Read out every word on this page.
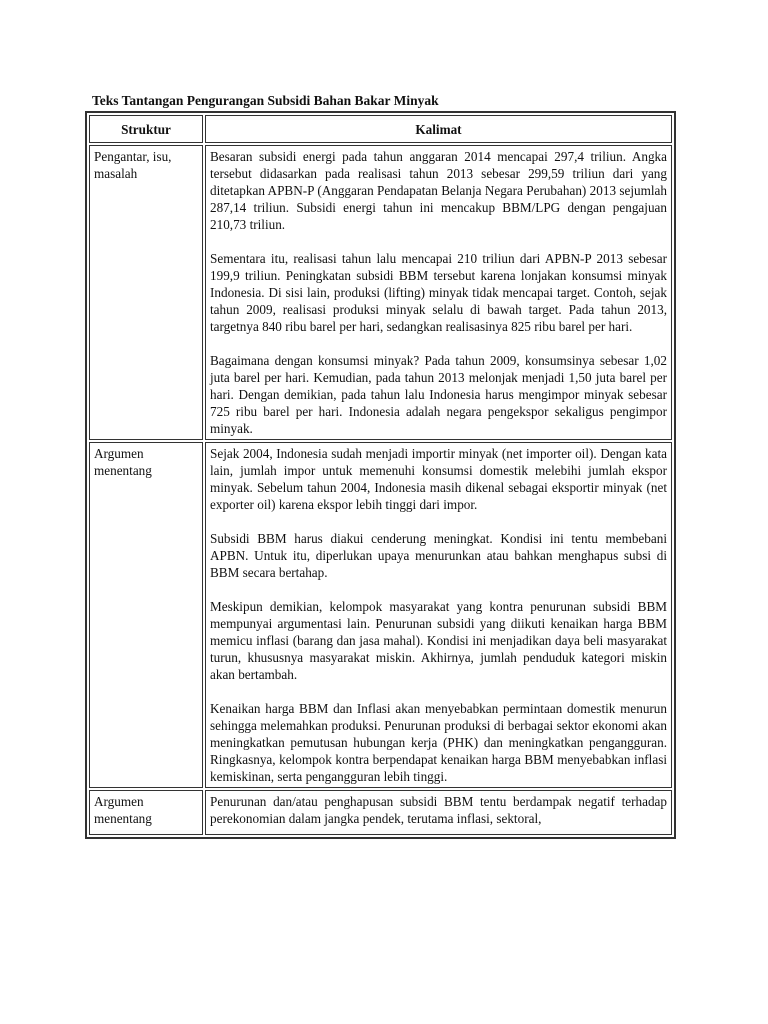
Teks Tantangan Pengurangan Subsidi Bahan Bakar Minyak
Struktur	Kalimat
Pengantar, isu, masalah	Besaran subsidi energi pada tahun anggaran 2014 mencapai 297,4 triliun. Angka tersebut didasarkan pada realisasi tahun 2013 sebesar 299,59 triliun dari yang ditetapkan APBN-P (Anggaran Pendapatan Belanja Negara Perubahan) 2013 sejumlah 287,14 triliun. Subsidi energi tahun ini mencakup BBM/LPG dengan pengajuan 210,73 triliun.

Sementara itu, realisasi tahun lalu mencapai 210 triliun dari APBN-P 2013 sebesar 199,9 triliun. Peningkatan subsidi BBM tersebut karena lonjakan konsumsi minyak Indonesia. Di sisi lain, produksi (lifting) minyak tidak mencapai target. Contoh, sejak tahun 2009, realisasi produksi minyak selalu di bawah target. Pada tahun 2013, targetnya 840 ribu barel per hari, sedangkan realisasinya 825 ribu barel per hari.

Bagaimana dengan konsumsi minyak? Pada tahun 2009, konsumsinya sebesar 1,02 juta barel per hari. Kemudian, pada tahun 2013 melonjak menjadi 1,50 juta barel per hari. Dengan demikian, pada tahun lalu Indonesia harus mengimpor minyak sebesar 725 ribu barel per hari. Indonesia adalah negara pengekspor sekaligus pengimpor minyak.

Argumen menentang	Sejak 2004, Indonesia sudah menjadi importir minyak (net importer oil). Dengan kata lain, jumlah impor untuk memenuhi konsumsi domestik melebihi jumlah ekspor minyak. Sebelum tahun 2004, Indonesia masih dikenal sebagai eksportir minyak (net exporter oil) karena ekspor lebih tinggi dari impor.

Subsidi BBM harus diakui cenderung meningkat. Kondisi ini tentu membebani APBN. Untuk itu, diperlukan upaya menurunkan atau bahkan menghapus subsi di BBM secara bertahap.

Meskipun demikian, kelompok masyarakat yang kontra penurunan subsidi BBM mempunyai argumentasi lain. Penurunan subsidi yang diikuti kenaikan harga BBM memicu inflasi (barang dan jasa mahal). Kondisi ini menjadikan daya beli masyarakat turun, khususnya masyarakat miskin. Akhirnya, jumlah penduduk kategori miskin akan bertambah.

Kenaikan harga BBM dan Inflasi akan menyebabkan permintaan domestik menurun sehingga melemahkan produksi. Penurunan produksi di berbagai sektor ekonomi akan meningkatkan pemutusan hubungan kerja (PHK) dan meningkatkan pengangguran. Ringkasnya, kelompok kontra berpendapat kenaikan harga BBM menyebabkan inflasi kemiskinan, serta pengangguran lebih tinggi.

Argumen menentang	Penurunan dan/atau penghapusan subsidi BBM tentu berdampak negatif terhadap perekonomian dalam jangka pendek, terutama inflasi, sektoral,
